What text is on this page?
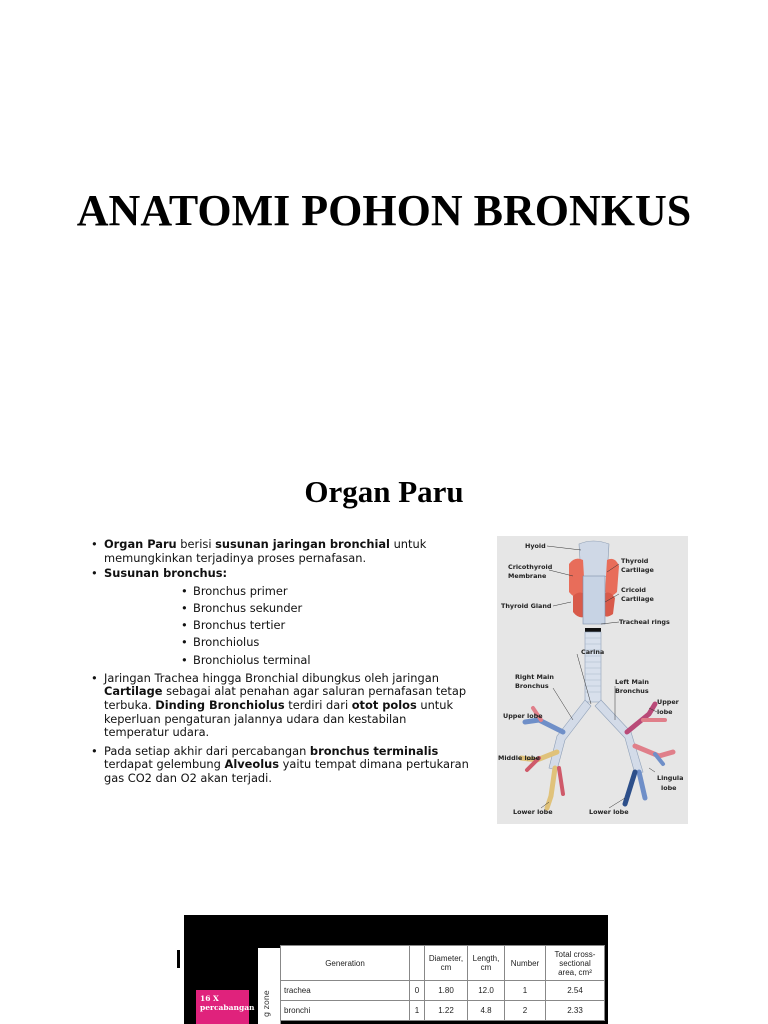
ANATOMI POHON BRONKUS
Organ Paru
• Organ Paru berisi susunan jaringan bronchial untuk memungkinkan terjadinya proses pernafasan.
• Susunan bronchus:
• Bronchus primer
• Bronchus sekunder
• Bronchus tertier
• Bronchiolus
• Bronchiolus terminal
• Jaringan Trachea hingga Bronchial dibungkus oleh jaringan Cartilage sebagai alat penahan agar saluran pernafasan tetap terbuka. Dinding Bronchiolus terdiri dari otot polos untuk keperluan pengaturan jalannya udara dan kestabilan temperatur udara.
• Pada setiap akhir dari percabangan bronchus terminalis terdapat gelembung Alveolus yaitu tempat dimana pertukaran gas CO2 dan O2 akan terjadi.
Hyoid
Cricothyroid
Membrane
Thyroid Gland
Thyroid
Cartilage
Cricoid
Cartilage
Tracheal rings
Carina
Right Main
Bronchus	Left Main
Bronchus
Upper lobe
Upper
lobe
Middle lobe
Lingula
lobe
Lower lobe	Lower lobe
16 X
percabangan g zone
Generation		Diameter, cm	Length, cm	Number	Total cross-sectional area, cm²
trachea	0	1.80	12.0	1	2.54
bronchi	1	1.22	4.8	2	2.33
